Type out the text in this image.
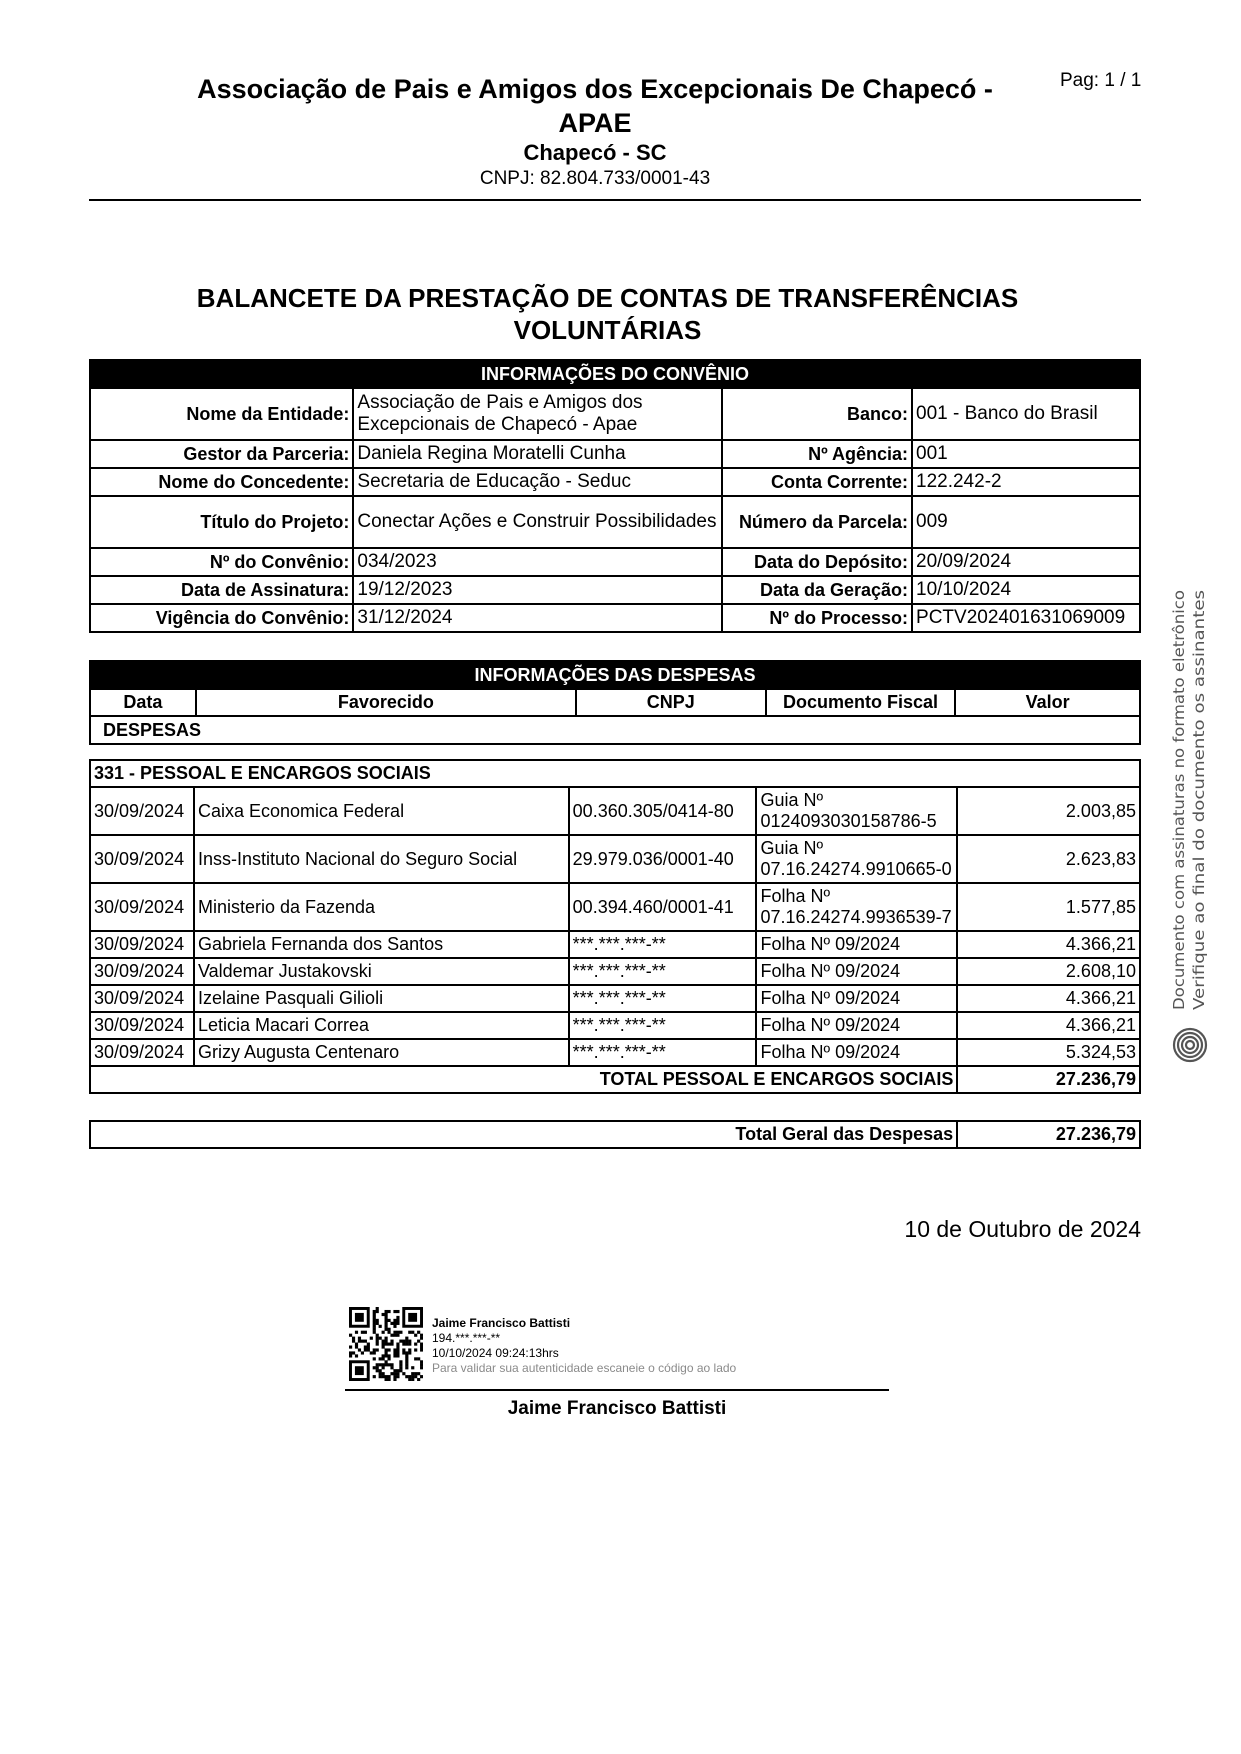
Associação de Pais e Amigos dos Excepcionais De Chapecó - APAE
Pag: 1 / 1
Chapecó - SC
CNPJ: 82.804.733/0001-43
BALANCETE DA PRESTAÇÃO DE CONTAS DE TRANSFERÊNCIAS VOLUNTÁRIAS
INFORMAÇÕES DO CONVÊNIO			
Nome da Entidade:	Associação de Pais e Amigos dos Excepcionais de Chapecó - Apae	Banco:	001 - Banco do Brasil
Gestor da Parceria:	Daniela Regina Moratelli Cunha	Nº Agência:	001
Nome do Concedente:	Secretaria de Educação - Seduc	Conta Corrente:	122.242-2
Título do Projeto:	Conectar Ações e Construir Possibilidades	Número da Parcela:	009
Nº do Convênio:	034/2023	Data do Depósito:	20/09/2024
Data de Assinatura:	19/12/2023	Data da Geração:	10/10/2024
Vigência do Convênio:	31/12/2024	Nº do Processo:	PCTV202401631069009
INFORMAÇÕES DAS DESPESAS
Data	Favorecido	CNPJ	Documento Fiscal	Valor
DESPESAS
331 - PESSOAL E ENCARGOS SOCIAIS				
30/09/2024	Caixa Economica Federal	00.360.305/0414-80	Guia Nº 0124093030158786-5	2.003,85
30/09/2024	Inss-Instituto Nacional do Seguro Social	29.979.036/0001-40	Guia Nº 07.16.24274.9910665-0	2.623,83
30/09/2024	Ministerio da Fazenda	00.394.460/0001-41	Folha Nº 07.16.24274.9936539-7	1.577,85
30/09/2024	Gabriela Fernanda dos Santos	***.***.***-**	Folha Nº 09/2024	4.366,21
30/09/2024	Valdemar Justakovski	***.***.***-**	Folha Nº 09/2024	2.608,10
30/09/2024	Izelaine Pasquali Gilioli	***.***.***-**	Folha Nº 09/2024	4.366,21
30/09/2024	Leticia Macari Correa	***.***.***-**	Folha Nº 09/2024	4.366,21
30/09/2024	Grizy Augusta Centenaro	***.***.***-**	Folha Nº 09/2024	5.324,53
TOTAL PESSOAL E ENCARGOS SOCIAIS				27.236,79
Total Geral das Despesas	27.236,79
10 de Outubro de 2024
Jaime Francisco Battisti
194.***.***-**
10/10/2024 09:24:13hrs
Para validar sua autenticidade escaneie o código ao lado
Jaime Francisco Battisti
Documento com assinaturas no formato eletrônico Verifique ao final do documento os assinantes
